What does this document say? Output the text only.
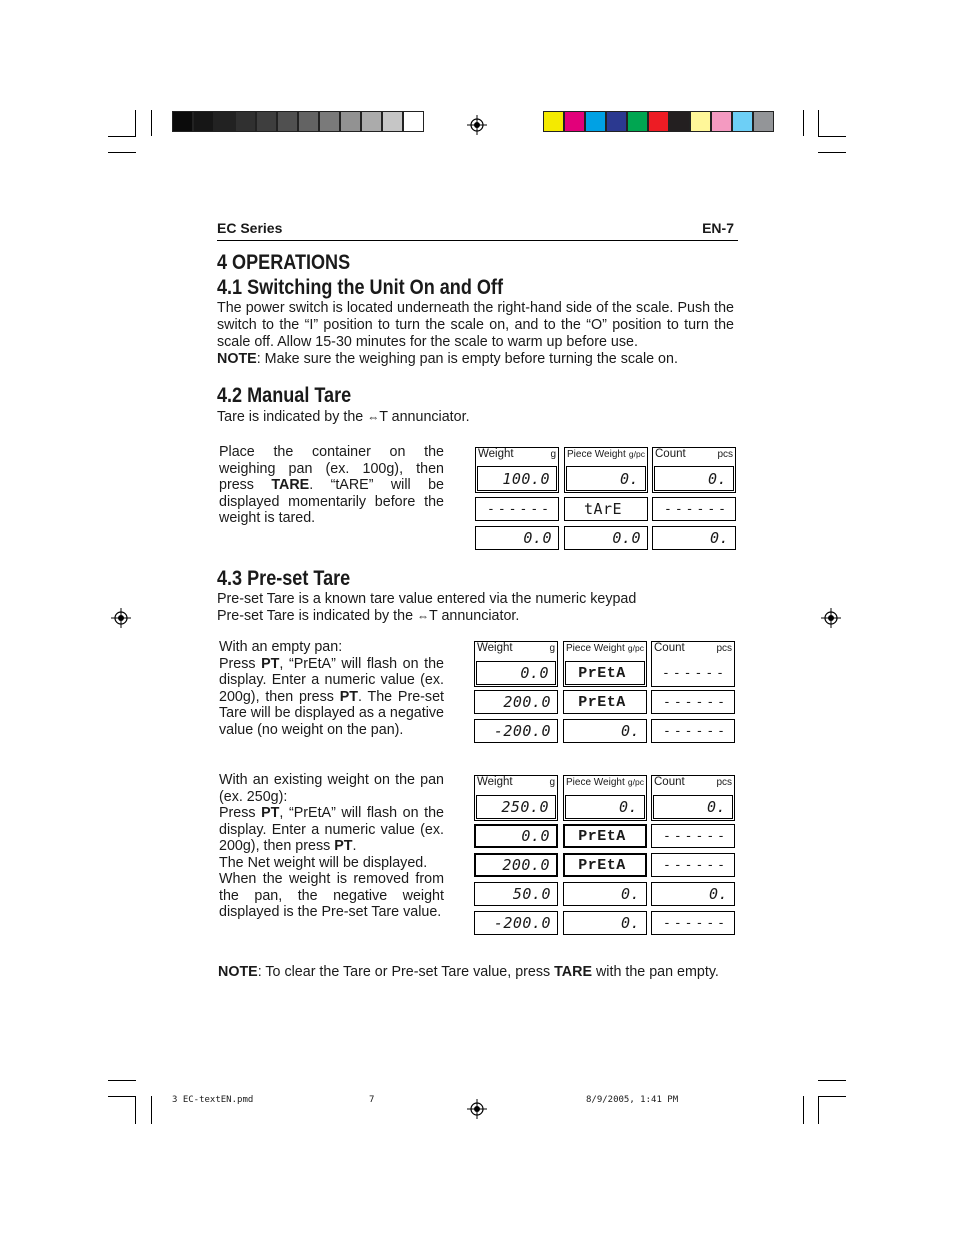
EC Series	EN-7
4 OPERATIONS
4.1 Switching the Unit On and Off
The power switch is located underneath the right-hand side of the scale. Push the switch to the “I” position to turn the scale on, and to the “O” position to turn the scale off. Allow 15-30 minutes for the scale to warm up before use.
NOTE: Make sure the weighing pan is empty before turning the scale on.
4.2 Manual Tare
Tare is indicated by the ⇔T annunciator.
Place the container on the weighing pan (ex. 100g), then press TARE. “tARE” will be displayed momentarily before the weight is tared.
Weight	g Piece Weight g/pc Count	pcs
100.0	0.	0.
------	tArE	------
0.0	0.0	0.
4.3 Pre-set Tare
Pre-set Tare is a known tare value entered via the numeric keypad
Pre-set Tare is indicated by the ⇔T annunciator.
With an empty pan:
Press PT, “PrEtA” will flash on the display. Enter a numeric value (ex. 200g), then press PT. The Pre-set Tare will be displayed as a negative value (no weight on the pan).
Weight	g Piece Weight g/pc Count	pcs
0.0	PrEtA	------
200.0	PrEtA	------
-200.0	0.	------
With an existing weight on the pan (ex. 250g):
Press PT, “PrEtA” will flash on the display. Enter a numeric value (ex. 200g), then press PT.
The Net weight will be displayed.
When the weight is removed from the pan, the negative weight displayed is the Pre-set Tare value.
Weight	g Piece Weight g/pc Count	pcs
250.0	0.	0.
0.0	PrEtA	------
200.0	PrEtA	------
50.0	0.	0.
-200.0	0.	------
NOTE: To clear the Tare or Pre-set Tare value, press TARE with the pan empty.
3 EC-textEN.pmd	7	8/9/2005, 1:41 PM
